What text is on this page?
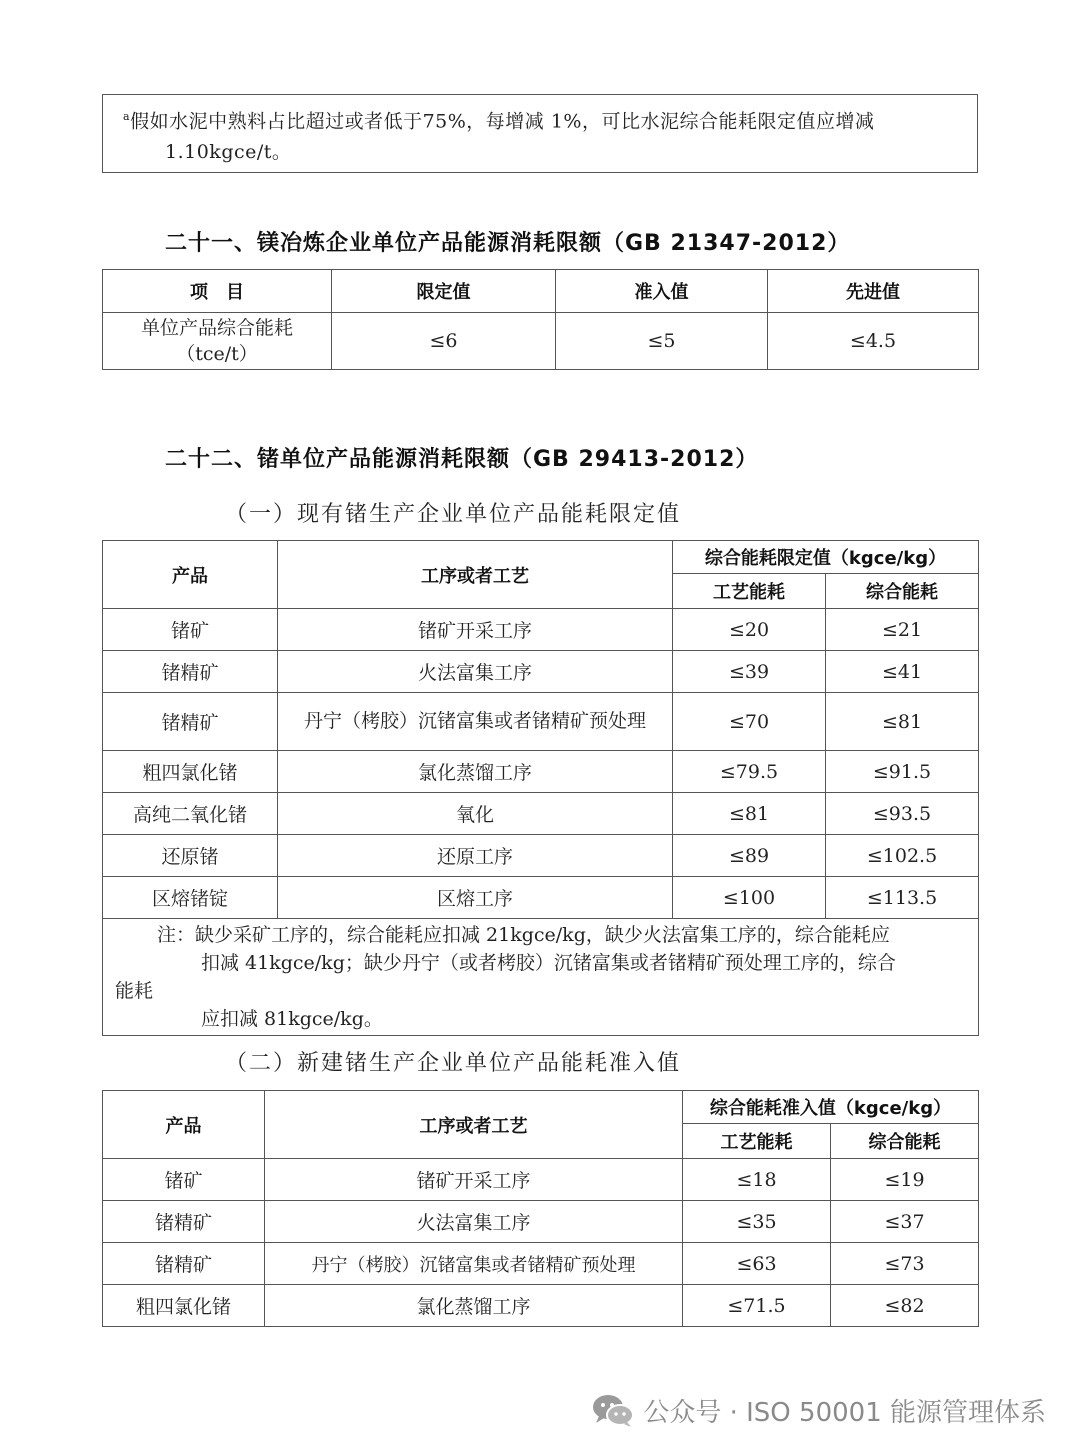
$^a$假如水泥中熟料占比超过或者低于75%，每增减 1%，可比水泥综合能耗限定值应增减
1.10kgce/t。
二十一、镁冶炼企业单位产品能源消耗限额（GB 21347-2012）
项　目	限定值	准入值	先进值

单位产品综合能耗
（tce/t）	≤6	≤5	≤4.5
二十二、锗单位产品能源消耗限额（GB 29413-2012）
（一）现有锗生产企业单位产品能耗限定值
产品	工序或者工艺	综合能耗限定值（kgce/kg）	
		工艺能耗	综合能耗
锗矿	锗矿开采工序	≤20	≤21
锗精矿	火法富集工序	≤39	≤41
锗精矿	丹宁（栲胶）沉锗富集或者锗精矿预处理	≤70	≤81
粗四氯化锗	氯化蒸馏工序	≤79.5	≤91.5
高纯二氧化锗	氧化	≤81	≤93.5
还原锗	还原工序	≤89	≤102.5
区熔锗锭	区熔工序	≤100	≤113.5

注：缺少采矿工序的，综合能耗应扣减 21kgce/kg，缺少火法富集工序的，综合能耗应
扣减 41kgce/kg；缺少丹宁（或者栲胶）沉锗富集或者锗精矿预处理工序的，综合
能耗
应扣减 81kgce/kg。			
（二）新建锗生产企业单位产品能耗准入值
产品	工序或者工艺	综合能耗准入值（kgce/kg）	
		工艺能耗	综合能耗
锗矿	锗矿开采工序	≤18	≤19
锗精矿	火法富集工序	≤35	≤37
锗精矿	丹宁（栲胶）沉锗富集或者锗精矿预处理	≤63	≤73
粗四氯化锗	氯化蒸馏工序	≤71.5	≤82
公众号 · ISO 50001 能源管理体系
